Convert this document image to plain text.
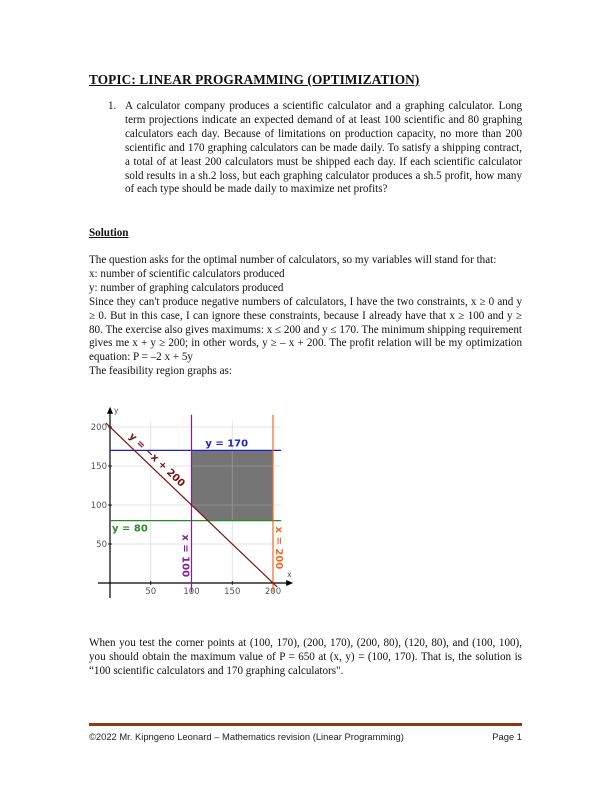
TOPIC: LINEAR PROGRAMMING (OPTIMIZATION)
1. A calculator company produces a scientific calculator and a graphing calculator. Long term projections indicate an expected demand of at least 100 scientific and 80 graphing calculators each day. Because of limitations on production capacity, no more than 200 scientific and 170 graphing calculators can be made daily. To satisfy a shipping contract, a total of at least 200 calculators must be shipped each day. If each scientific calculator sold results in a sh.2 loss, but each graphing calculator produces a sh.5 profit, how many of each type should be made daily to maximize net profits?
Solution
The question asks for the optimal number of calculators, so my variables will stand for that:
x: number of scientific calculators produced
y: number of graphing calculators produced
Since they can't produce negative numbers of calculators, I have the two constraints, x ≥ 0 and y ≥ 0. But in this case, I can ignore these constraints, because I already have that x ≥ 100 and y ≥ 80. The exercise also gives maximums: x ≤ 200 and y ≤ 170. The minimum shipping requirement gives me x + y ≥ 200; in other words, y ≥ – x + 200. The profit relation will be my optimization equation: P = –2 x + 5y
The feasibility region graphs as:
50	100	150	200
50
100
150
200
x
y
y = 170
y = 80
x = 100	x = 200
y = −x + 200
When you test the corner points at (100, 170), (200, 170), (200, 80), (120, 80), and (100, 100), you should obtain the maximum value of P = 650 at (x, y) = (100, 170). That is, the solution is “100 scientific calculators and 170 graphing calculators".
©2022 Mr. Kipngeno Leonard – Mathematics revision (Linear Programming)	Page 1
